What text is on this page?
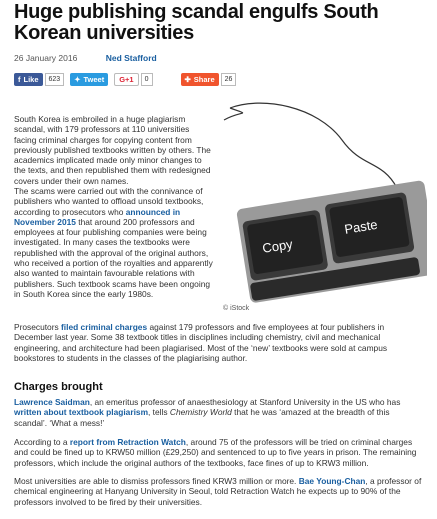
Huge publishing scandal engulfs South Korean universities
26 January 2016	Ned Stafford
f Like	623	✦ Tweet	G+1	0	✚ Share	26
South Korea is embroiled in a huge plagiarism scandal, with 179 professors at 110 universities facing criminal charges for copying content from previously published textbooks written by others. The academics implicated made only minor changes to the texts, and then republished them with redesigned covers under their own names.
The scams were carried out with the connivance of publishers who wanted to offload unsold textbooks, according to prosecutors who announced in November 2015 that around 200 professors and employees at four publishing companies were being investigated. In many cases the textbooks were republished with the approval of the original authors, who received a portion of the royalties and apparently also wanted to maintain favourable relations with publishers. Such textbook scams have been ongoing in South Korea since the early 1980s.
Copy
Paste
© iStock
Prosecutors filed criminal charges against 179 professors and five employees at four publishers in December last year. Some 38 textbook titles in disciplines including chemistry, civil and mechanical engineering, and architecture had been plagiarised. Most of the ‘new’ textbooks were sold at campus bookstores to students in the classes of the plagiarising author.
Charges brought
Lawrence Saidman, an emeritus professor of anaesthesiology at Stanford University in the US who has written about textbook plagiarism, tells Chemistry World that he was ‘amazed at the breadth of this scandal’. ‘What a mess!’
According to a report from Retraction Watch, around 75 of the professors will be tried on criminal charges and could be fined up to KRW50 million (£29,250) and sentenced to up to five years in prison. The remaining professors, which include the original authors of the textbooks, face fines of up to KRW3 million.
Most universities are able to dismiss professors fined KRW3 million or more. Bae Young-Chan, a professor of chemical engineering at Hanyang University in Seoul, told Retraction Watch he expects up to 90% of the professors involved to be fired by their universities.
